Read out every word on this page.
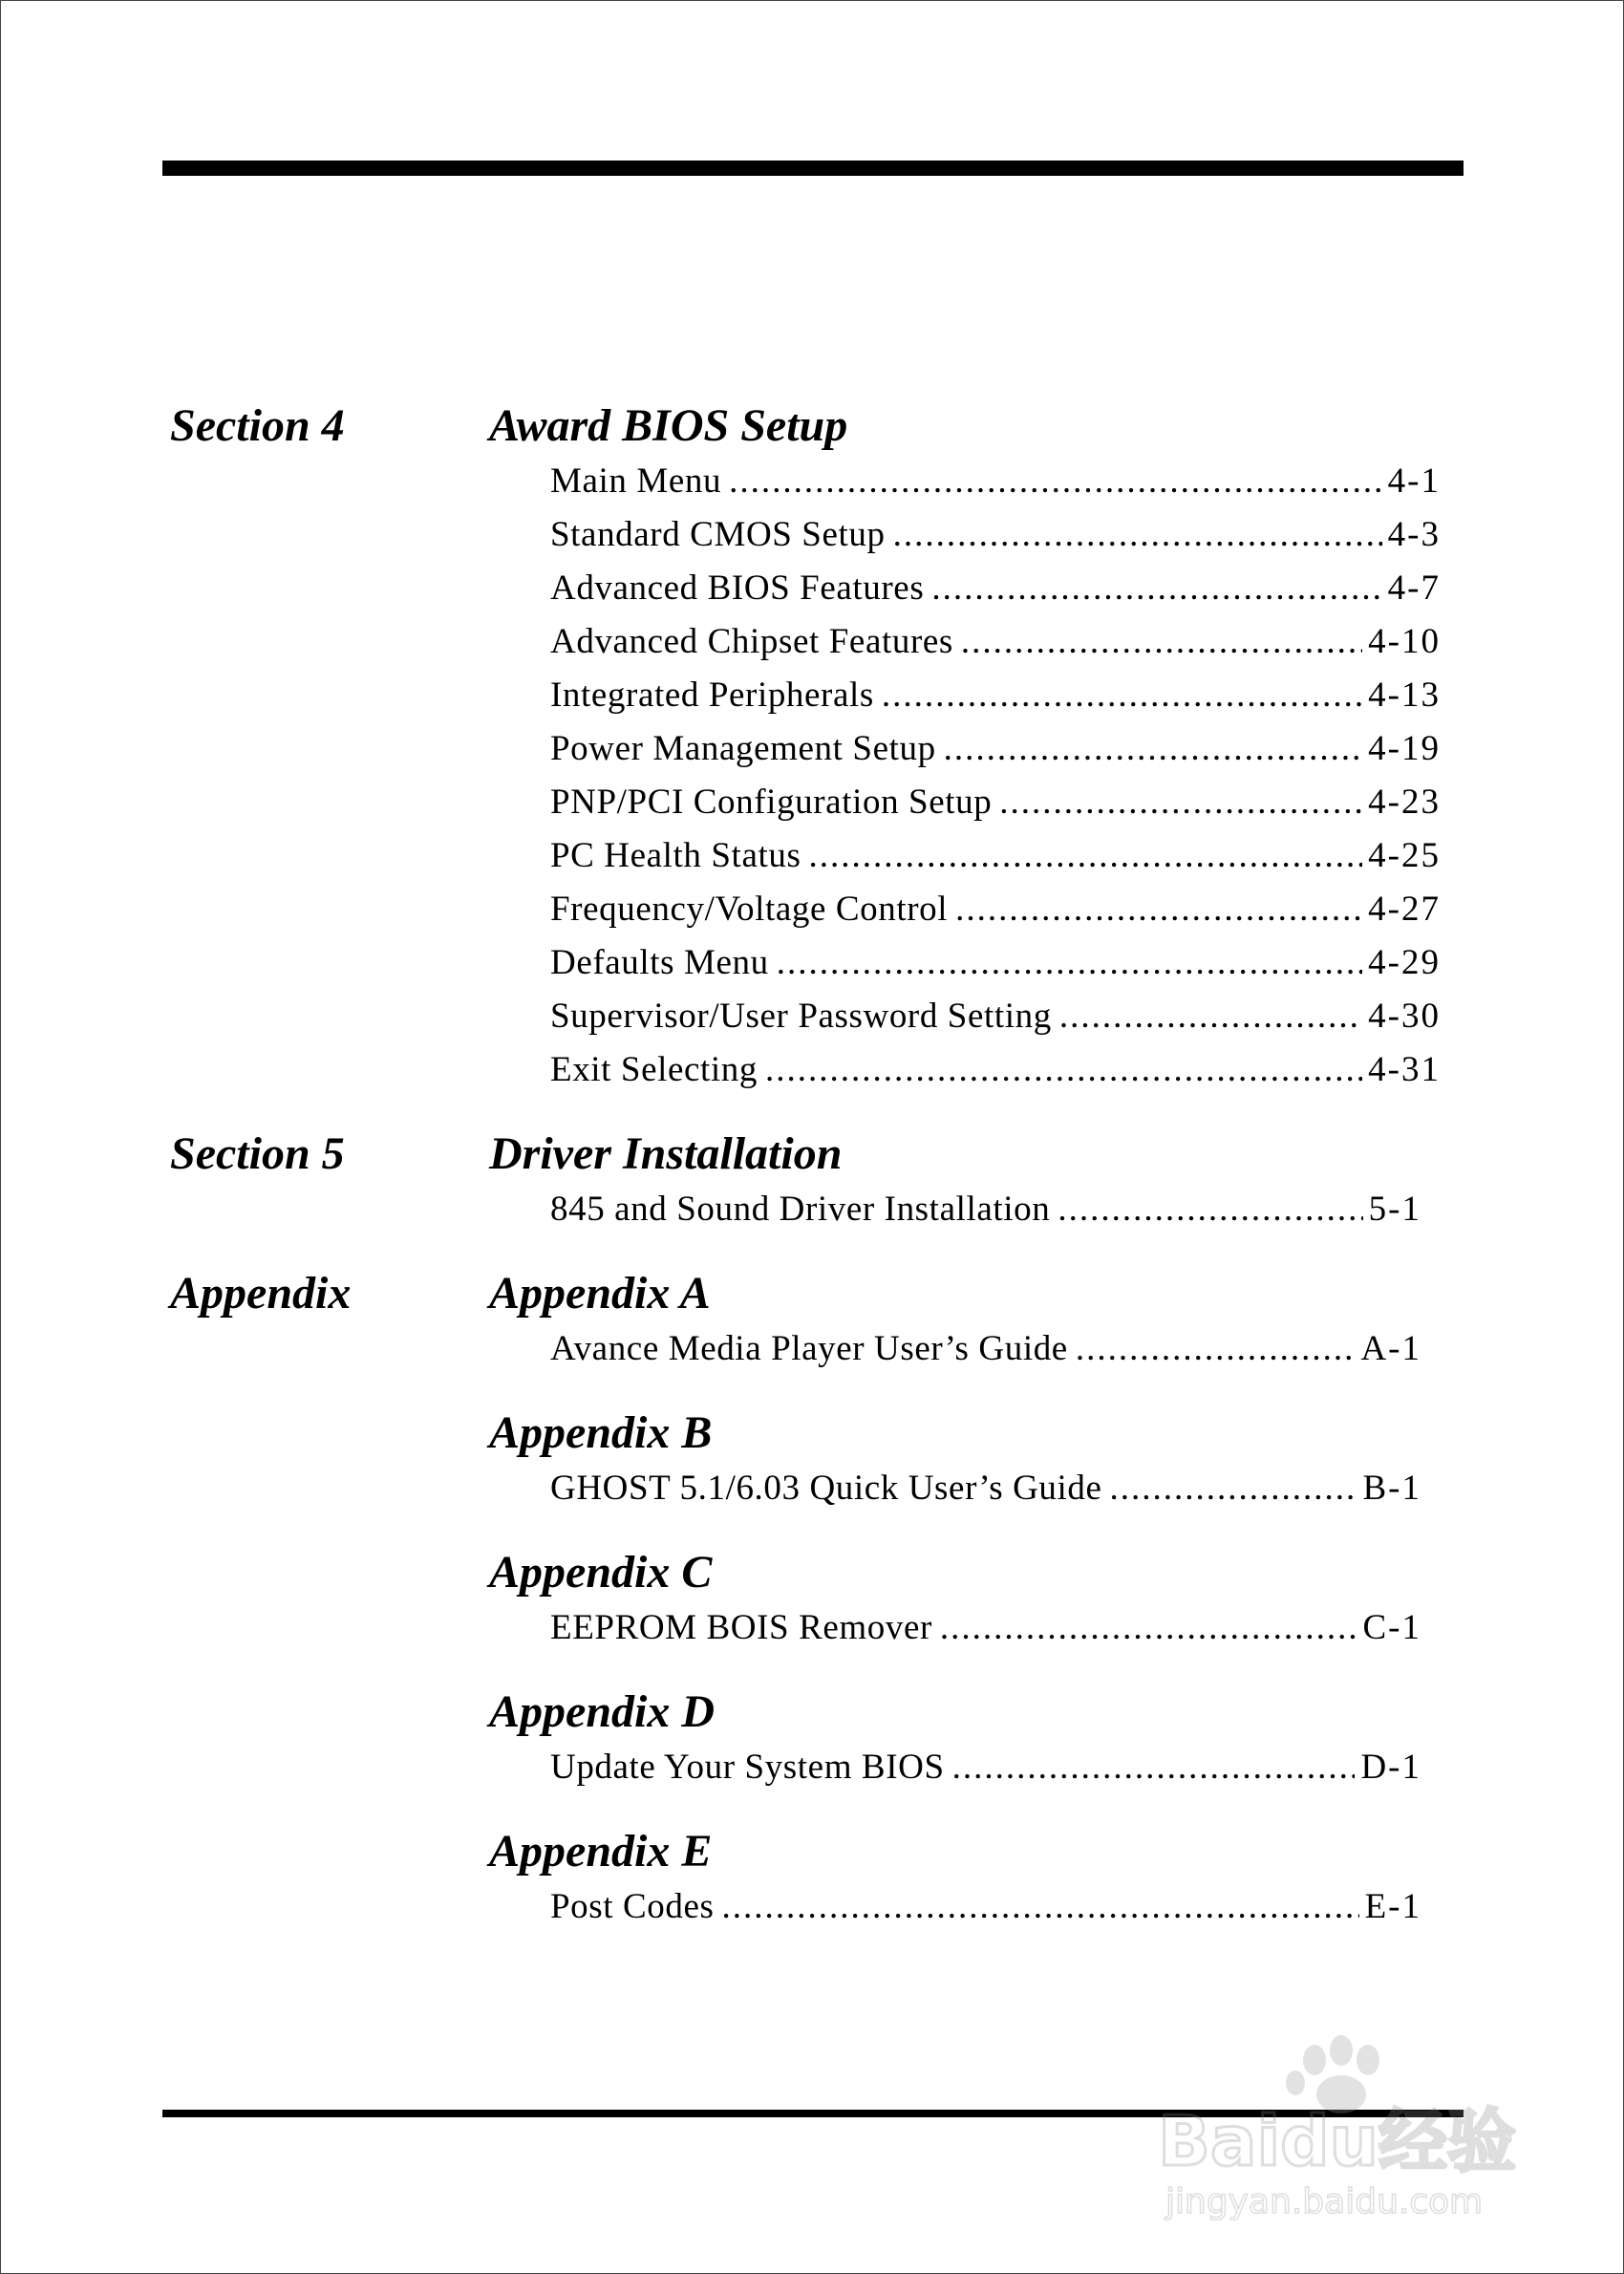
Section 4	Award BIOS Setup
Main Menu .....	4-1
Standard CMOS Setup .....	4-3
Advanced BIOS Features .....	4-7
Advanced Chipset Features .....	4-10
Integrated Peripherals .....	4-13
Power Management Setup .....	4-19
PNP/PCI Configuration Setup .....	4-23
PC Health Status .....	4-25
Frequency/Voltage Control .....	4-27
Defaults Menu .....	4-29
Supervisor/User Password Setting .....	4-30
Exit Selecting .....	4-31
Section 5	Driver Installation
845 and Sound Driver Installation .....	5-1
Appendix	Appendix A
Avance Media Player User’s Guide .....	A-1
Appendix B
GHOST 5.1/6.03 Quick User’s Guide .....	B-1
Appendix C
EEPROM BOIS Remover .....	C-1
Appendix D
Update Your System BIOS .....	D-1
Appendix E
Post Codes .....	E-1
Baidu经验
jingyan.baidu.com
